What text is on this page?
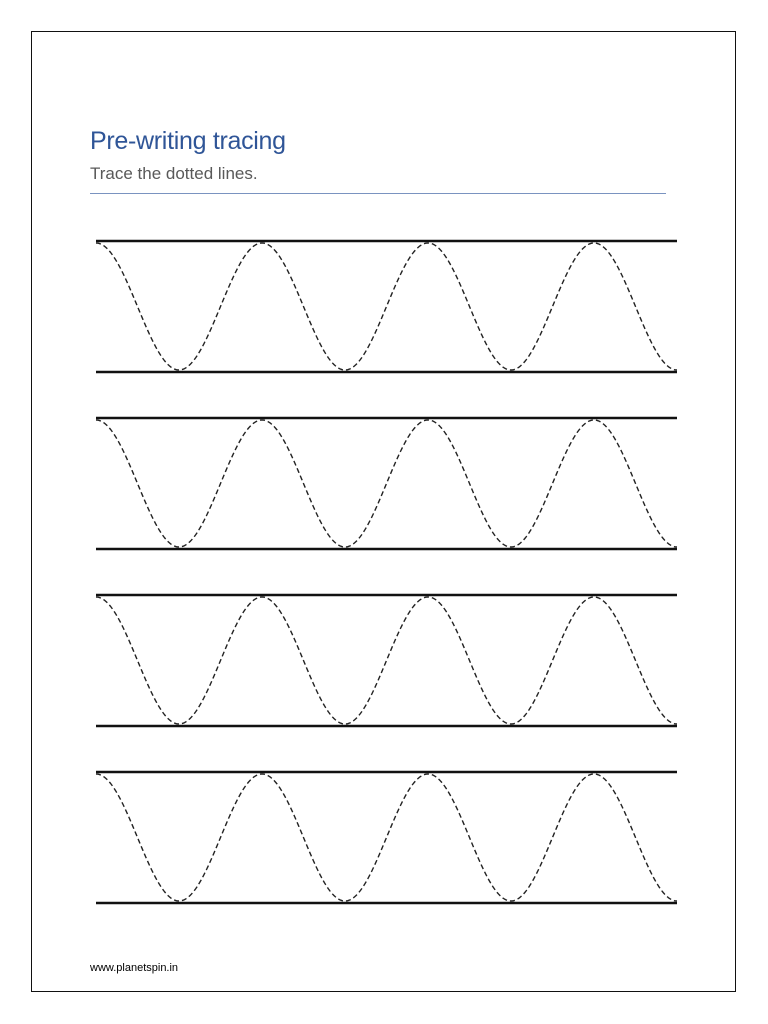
Pre-writing tracing
Trace the dotted lines.
www.planetspin.in
